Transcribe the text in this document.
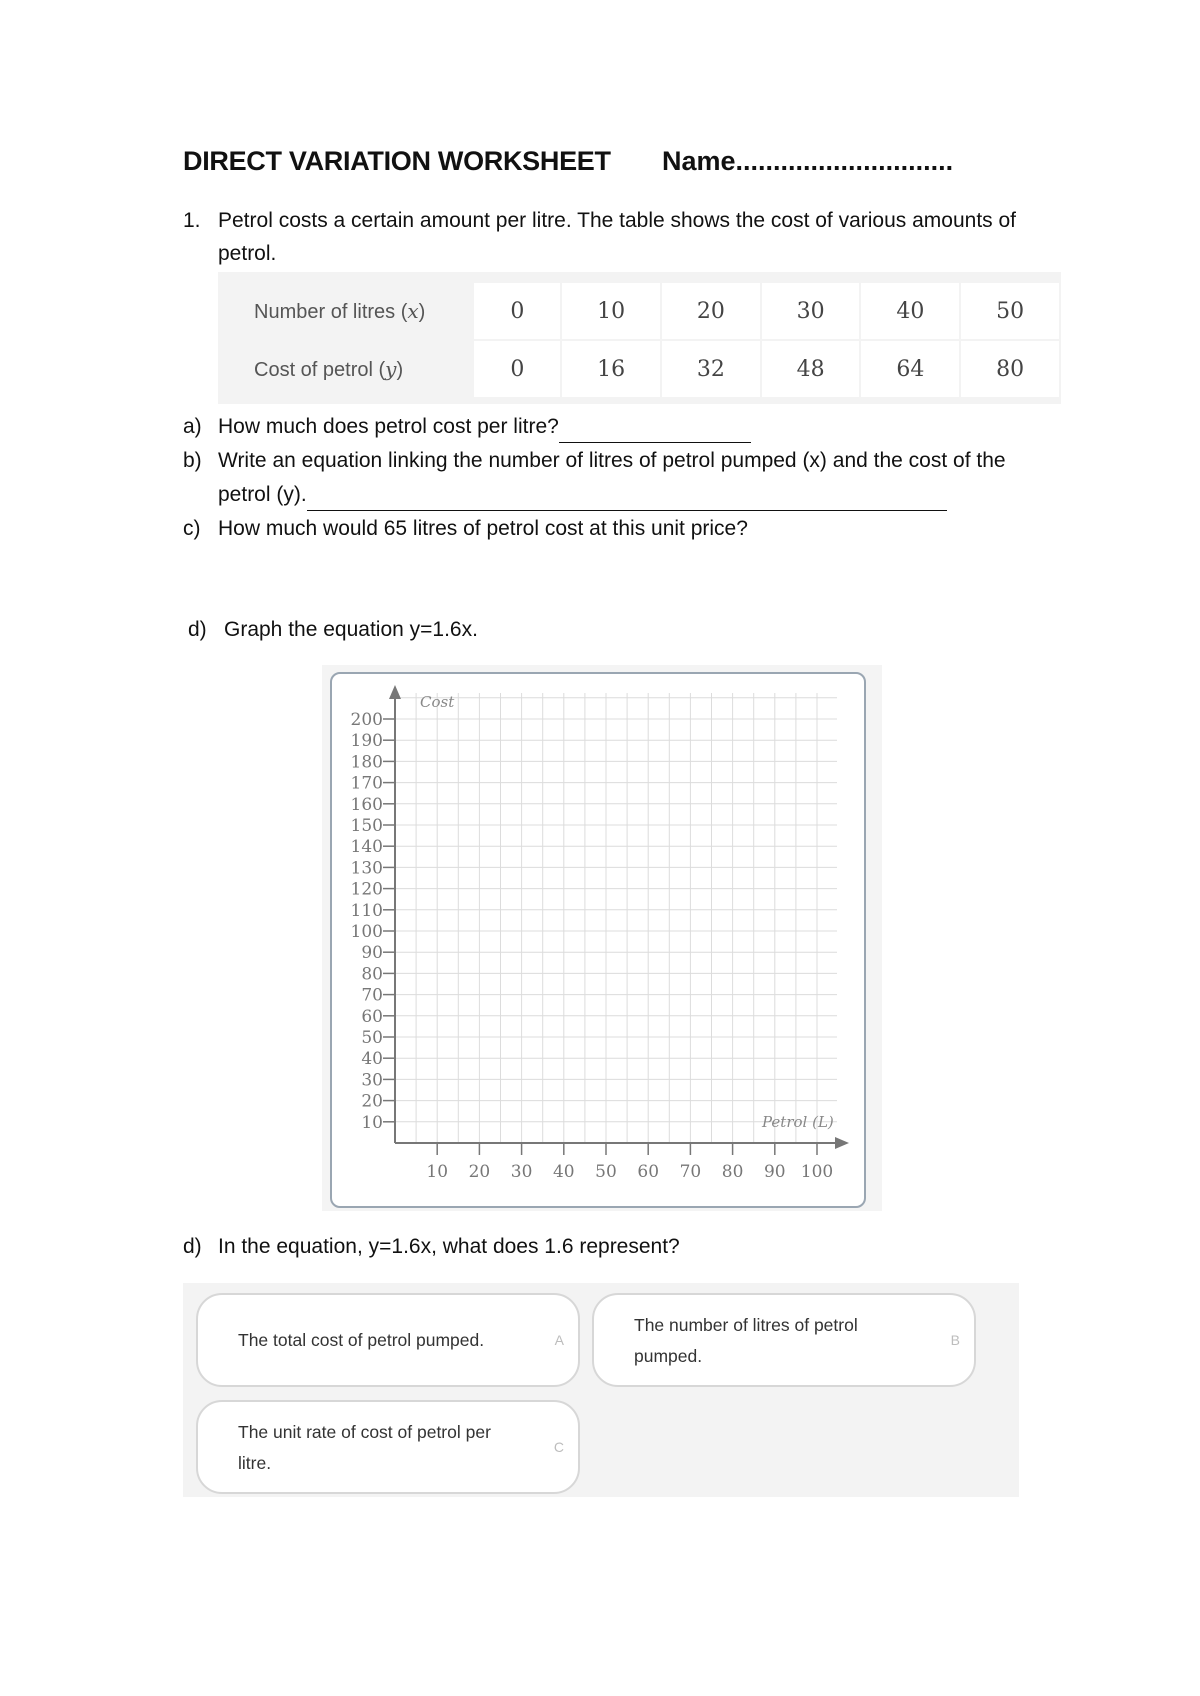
DIRECT VARIATION WORKSHEET Name.............................
1. Petrol costs a certain amount per litre. The table shows the cost of various amounts of petrol.
Number of litres (x)	0	10	20	30	40	50
Cost of petrol (y)	0	16	32	48	64	80
a) How much does petrol cost per litre?
b) Write an equation linking the number of litres of petrol pumped (x) and the cost of the
petrol (y).
c) How much would 65 litres of petrol cost at this unit price?
d) Graph the equation y=1.6x.
10
20
30
40
50
60
70
80
90
100
110
120
130
140
150
160
170
180
190
200
10 20 30 40 50 60 70 80 90 100
Cost
Petrol (L)
d) In the equation, y=1.6x, what does 1.6 represent?
The total cost of petrol pumped.	A
The number of litres of petrol
pumped.
B
The unit rate of cost of petrol per
litre.
C
